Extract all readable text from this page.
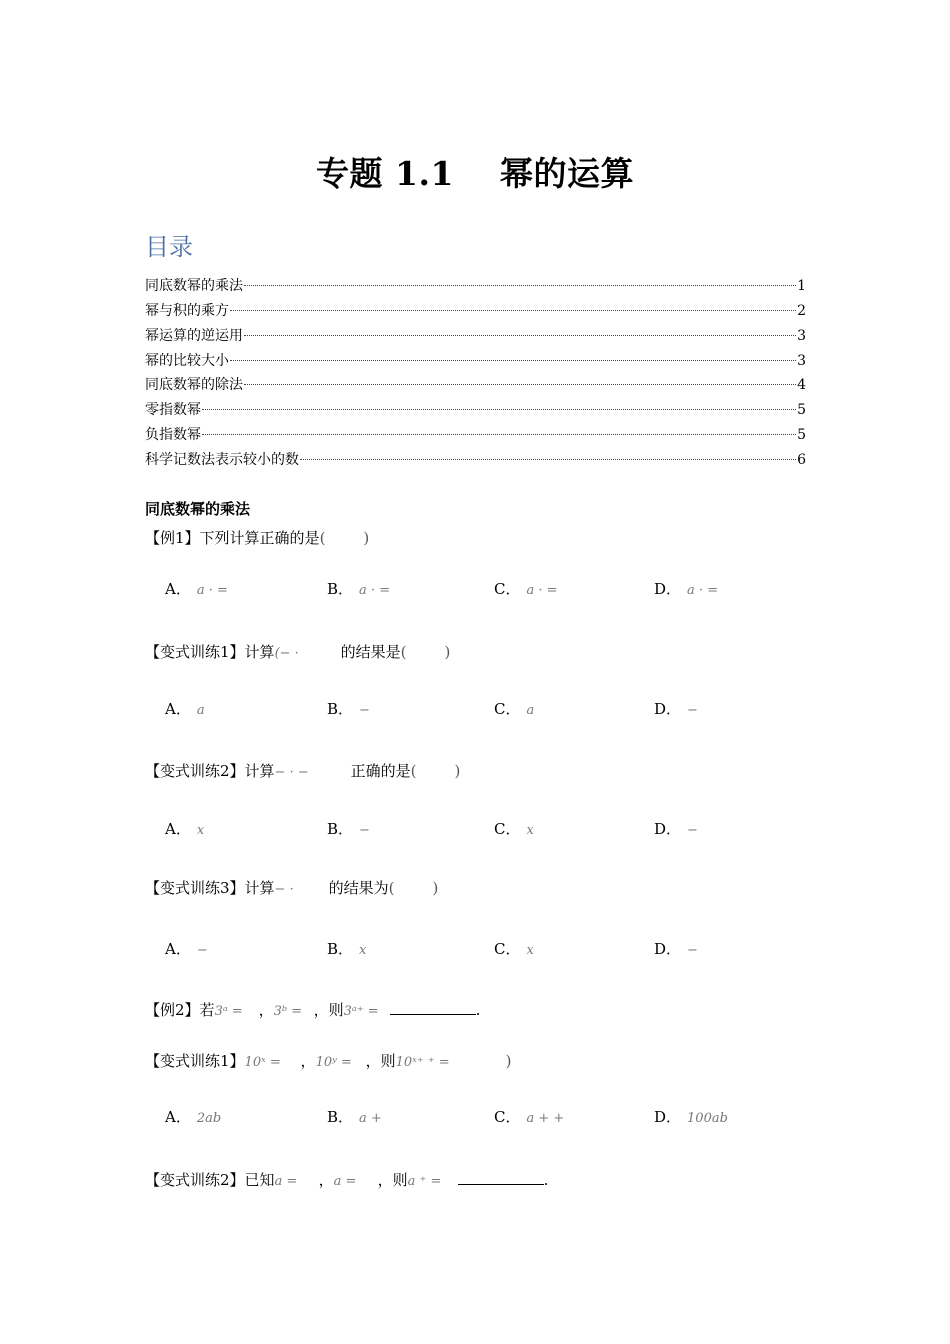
专题 1.1 幂的运算
目录
同底数幂的乘法	1
幂与积的乘方	2
幂运算的逆运用	3
幂的比较大小	3
同底数幂的除法	4
零指数幂	5
负指数幂	5
科学记数法表示较小的数	6
同底数幂的乘法
【例1】下列计算正确的是(	)
A． a · =	B． a · =	C． a · =	D． a · =
【变式训练1】计算(− ·	的结果是(	)
A． a	B． −	C． a	D． −
【变式训练2】计算− · −	正确的是(	)
A． x	B． −	C． x	D． −
【变式训练3】计算− · 的结果为(	)
A． −	B． x	C． x	D． −
【例2】若3ᵃ = ，3ᵇ = ，则3ᵃ⁺ =	.
【变式训练1】10ˣ = ，10ʸ = ，则10ˣ⁺ ⁺ =	)
A． 2ab	B． a +	C． a + +	D． 100ab
【变式训练2】已知a = ，a = ，则a ⁺ =	.
